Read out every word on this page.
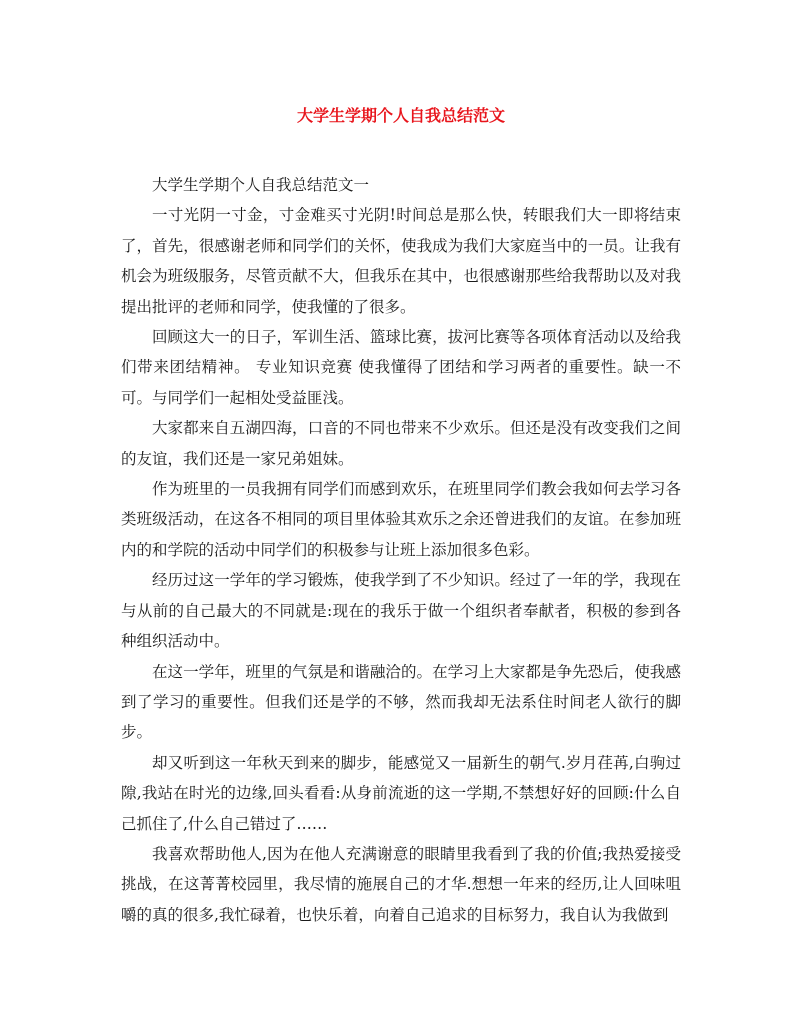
大学生学期个人自我总结范文

大学生学期个人自我总结范文一

一寸光阴一寸金，寸金难买寸光阴!时间总是那么快，转眼我们大一即将结束了，首先，很感谢老师和同学们的关怀，使我成为我们大家庭当中的一员。让我有机会为班级服务，尽管贡献不大，但我乐在其中，也很感谢那些给我帮助以及对我提出批评的老师和同学，使我懂的了很多。

回顾这大一的日子，军训生活、篮球比赛，拔河比赛等各项体育活动以及给我们带来团结精神。 专业知识竞赛 使我懂得了团结和学习两者的重要性。缺一不可。与同学们一起相处受益匪浅。

大家都来自五湖四海，口音的不同也带来不少欢乐。但还是没有改变我们之间的友谊，我们还是一家兄弟姐妹。

作为班里的一员我拥有同学们而感到欢乐，在班里同学们教会我如何去学习各类班级活动，在这各不相同的项目里体验其欢乐之余还曾进我们的友谊。在参加班内的和学院的活动中同学们的积极参与让班上添加很多色彩。

经历过这一学年的学习锻炼，使我学到了不少知识。经过了一年的学，我现在与从前的自己最大的不同就是:现在的我乐于做一个组织者奉献者，积极的参到各种组织活动中。

在这一学年，班里的气氛是和谐融洽的。在学习上大家都是争先恐后，使我感到了学习的重要性。但我们还是学的不够，然而我却无法系住时间老人欲行的脚步。

却又听到这一年秋天到来的脚步，能感觉又一届新生的朝气.岁月荏苒,白驹过隙,我站在时光的边缘,回头看看:从身前流逝的这一学期,不禁想好好的回顾:什么自己抓住了,什么自己错过了……

我喜欢帮助他人,因为在他人充满谢意的眼睛里我看到了我的价值;我热爱接受挑战，在这菁菁校园里，我尽情的施展自己的才华.想想一年来的经历,让人回味咀嚼的真的很多,我忙碌着，也快乐着，向着自己追求的目标努力，我自认为我做到
